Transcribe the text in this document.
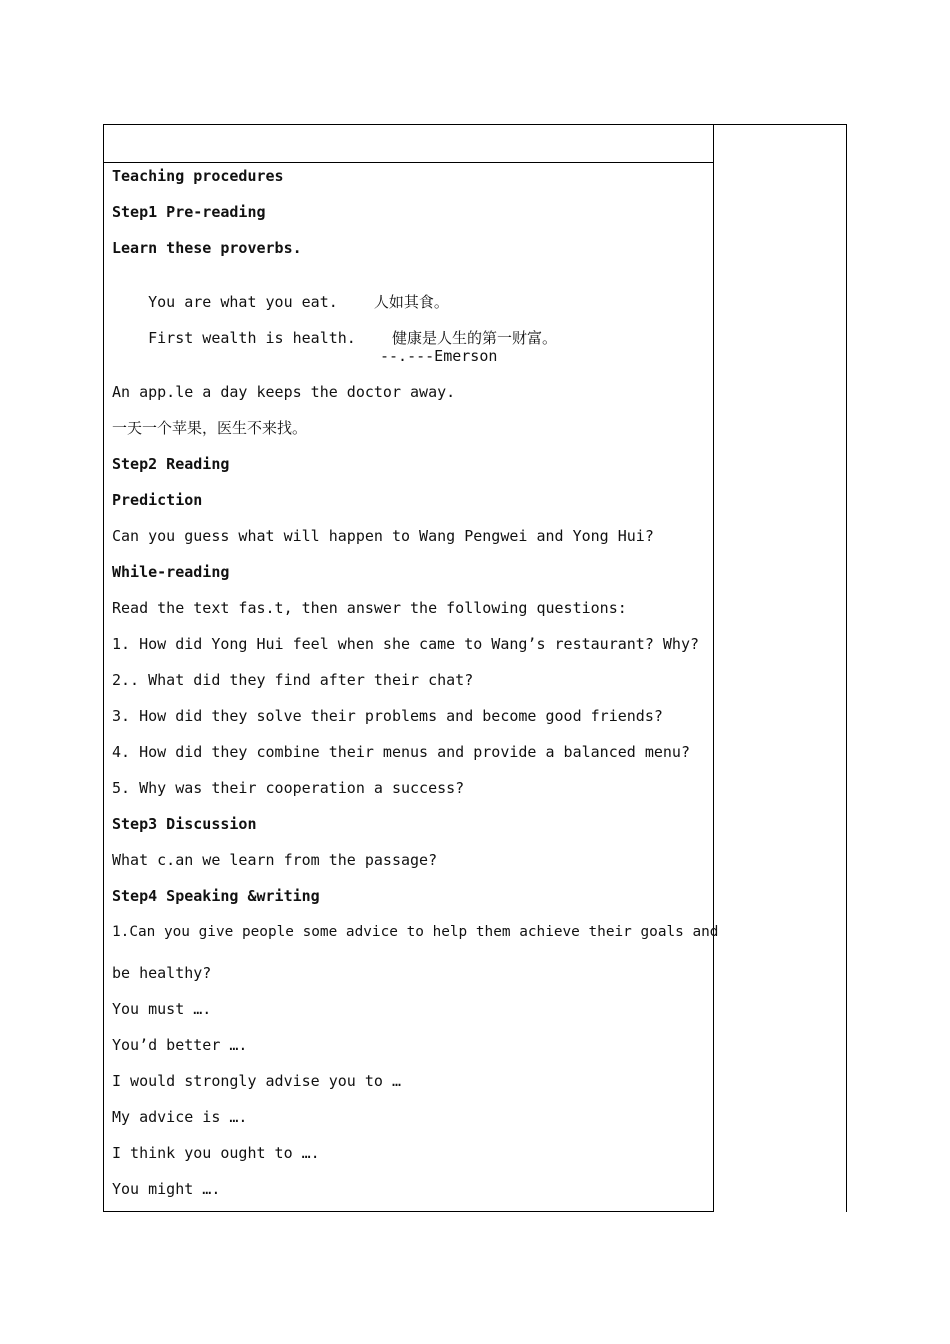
Teaching procedures
Step1 Pre-reading
Learn these proverbs.

You are what you eat. 人如其食。

First wealth is health. 健康是人生的第一财富。

--.---Emerson
An app.le a day keeps the doctor away.
一天一个苹果，医生不来找。
Step2 Reading
Prediction
Can you guess what will happen to Wang Pengwei and Yong Hui?
While-reading
Read the text fas.t, then answer the following questions:
1. How did Yong Hui feel when she came to Wang’s restaurant? Why?
2.. What did they find after their chat?
3. How did they solve their problems and become good friends?
4. How did they combine their menus and provide a balanced menu?
5. Why was their cooperation a success?
Step3 Discussion
What c.an we learn from the passage?
Step4 Speaking &writing
1.Can you give people some advice to help them achieve their goals and
be healthy?
You must ….
You’d better ….
I would strongly advise you to …
My advice is ….
I think you ought to ….
You might ….
